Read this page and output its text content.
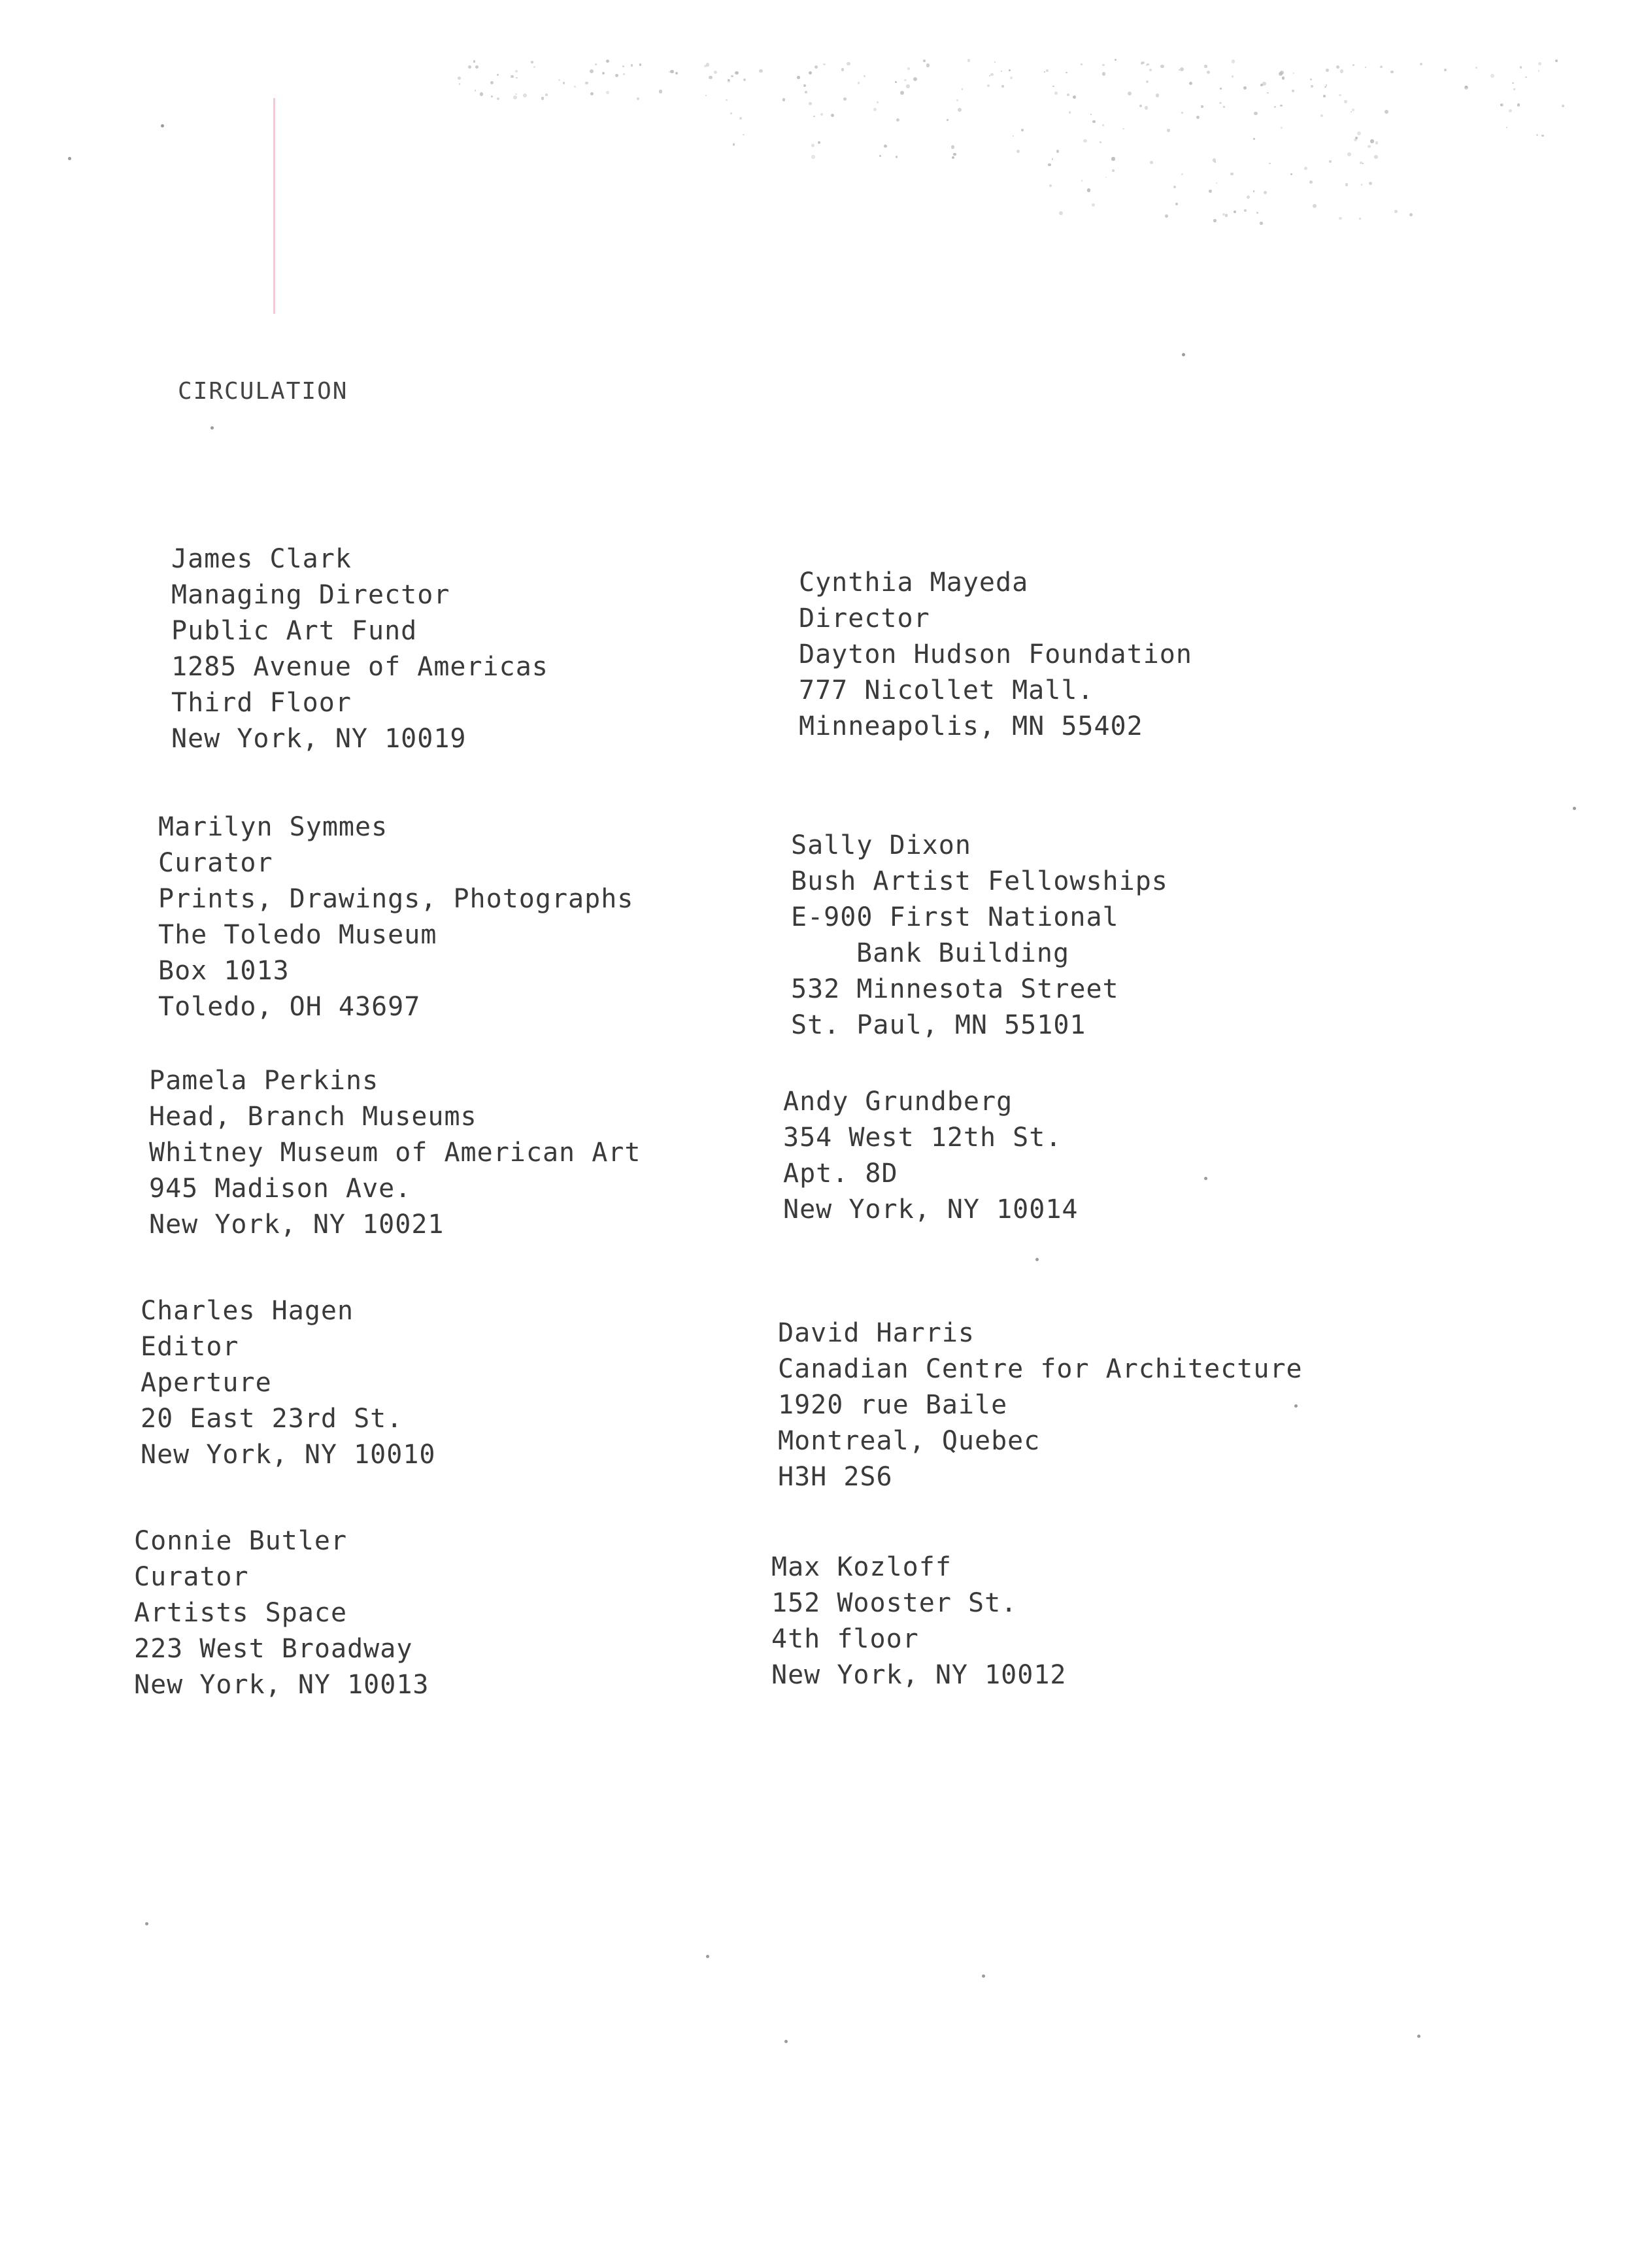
CIRCULATION
James Clark
Managing Director
Public Art Fund
1285 Avenue of Americas
Third Floor
New York, NY 10019
Marilyn Symmes
Curator
Prints, Drawings, Photographs
The Toledo Museum
Box 1013
Toledo, OH 43697
Pamela Perkins
Head, Branch Museums
Whitney Museum of American Art
945 Madison Ave.
New York, NY 10021
Charles Hagen
Editor
Aperture
20 East 23rd St.
New York, NY 10010
Connie Butler
Curator
Artists Space
223 West Broadway
New York, NY 10013
Cynthia Mayeda
Director
Dayton Hudson Foundation
777 Nicollet Mall.
Minneapolis, MN 55402
Sally Dixon
Bush Artist Fellowships
E-900 First National
Bank Building
532 Minnesota Street
St. Paul, MN 55101
Andy Grundberg
354 West 12th St.
Apt. 8D
New York, NY 10014
David Harris
Canadian Centre for Architecture
1920 rue Baile
Montreal, Quebec
H3H 2S6
Max Kozloff
152 Wooster St.
4th floor
New York, NY 10012
